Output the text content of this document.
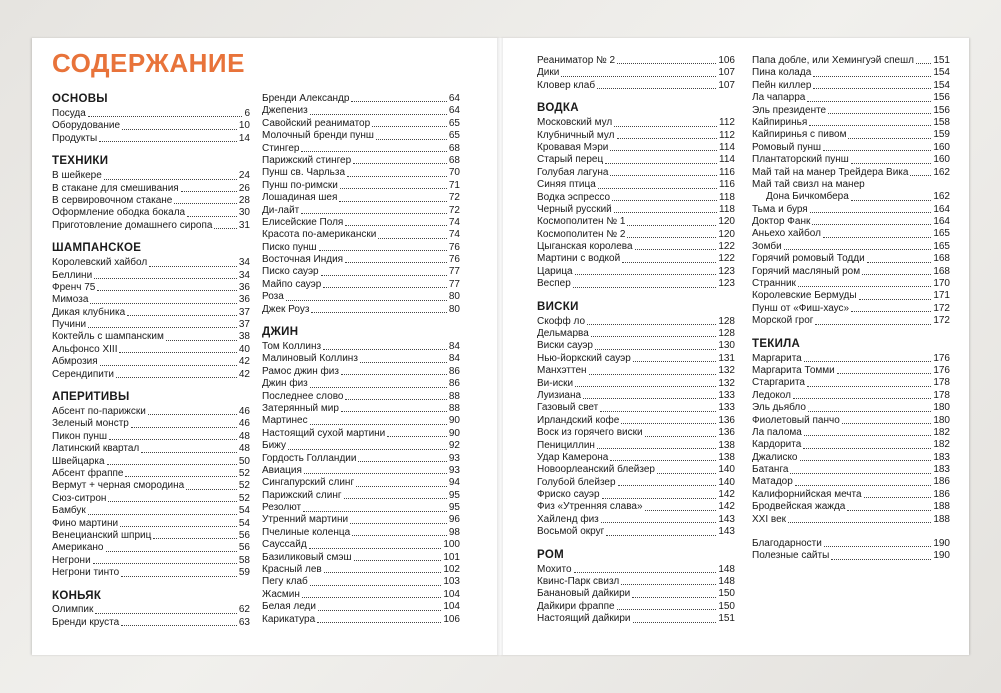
СОДЕРЖАНИЕ
ОСНОВЫ
Посуда	6
Оборудование	10
Продукты	14
ТЕХНИКИ
В шейкере	24
В стакане для смешивания	26
В сервировочном стакане	28
Оформление ободка бокала	30
Приготовление домашнего сиропа	31
ШАМПАНСКОЕ
Королевский хайбол	34
Беллини	34
Френч 75	36
Мимоза	36
Дикая клубника	37
Пучини	37
Коктейль с шампанским	38
Альфонсо XIII	40
Абмрозия	42
Серендипити	42
АПЕРИТИВЫ
Абсент по-парижски	46
Зеленый монстр	46
Пикон пунш	48
Латинский квартал	48
Швейцарка	50
Абсент фраппе	52
Вермут + черная смородина	52
Сюз-ситрон	52
Бамбук	54
Фино мартини	54
Венецианский шприц	56
Американо	56
Негрони	58
Негрони тинто	59
КОНЬЯК
Олимпик	62
Бренди круста	63
Бренди Александр	64
Джепениз	64
Савойский реаниматор	65
Молочный бренди пунш	65
Стингер	68
Парижский стингер	68
Пунш св. Чарльза	70
Пунш по-римски	71
Лошадиная шея	72
Ди-лайт	72
Елисейские Поля	74
Красота по-американски	74
Писко пунш	76
Восточная Индия	76
Писко сауэр	77
Майпо сауэр	77
Роза	80
Джек Роуз	80
ДЖИН
Том Коллинз	84
Малиновый Коллинз	84
Рамос джин физ	86
Джин физ	86
Последнее слово	88
Затерянный мир	88
Мартинес	90
Настоящий сухой мартини	90
Бижу	92
Гордость Голландии	93
Авиация	93
Сингапурский слинг	94
Парижский слинг	95
Резолют	95
Утренний мартини	96
Пчелиные коленца	98
Сауссайд	100
Базиликовый смэш	101
Красный лев	102
Пегу клаб	103
Жасмин	104
Белая леди	104
Карикатура	106
Реаниматор № 2	106
Дики	107
Кловер клаб	107
ВОДКА
Московский мул	112
Клубничный мул	112
Кровавая Мэри	114
Старый перец	114
Голубая лагуна	116
Синяя птица	116
Водка эспрессо	118
Черный русский	118
Космополитен № 1	120
Космополитен № 2	120
Цыганская королева	122
Мартини с водкой	122
Царица	123
Веспер	123
ВИСКИ
Скофф ло	128
Дельмарва	128
Виски сауэр	130
Нью-йоркский сауэр	131
Манхэттен	132
Ви-иски	132
Луизиана	133
Газовый свет	133
Ирландский кофе	136
Воск из горячего виски	136
Пенициллин	138
Удар Камерона	138
Новоорлеанский блейзер	140
Голубой блейзер	140
Фриско сауэр	142
Физ «Утренняя слава»	142
Хайленд физ	143
Восьмой округ	143
РОМ
Мохито	148
Квинс-Парк свизл	148
Банановый дайкири	150
Дайкири фраппе	150
Настоящий дайкири	151
Папа добле, или Хемингуэй спешл 151
Пина колада	154
Пейн киллер	154
Ла чапарра	156
Эль президенте	156
Кайпиринья	158
Кайпиринья с пивом	159
Ромовый пунш	160
Плантаторский пунш	160
Май тай на манер Трейдера Вика 162
Май тай свизл на манер
Дона Бичкомбера	162
Тьма и буря	164
Доктор Фанк	164
Аньехо хайбол	165
Зомби	165
Горячий ромовый Тодди	168
Горячий масляный ром	168
Странник	170
Королевские Бермуды	171
Пунш от «Фиш-хаус»	172
Морской грог	172
ТЕКИЛА
Маргарита	176
Маргарита Томми	176
Старгарита	178
Ледокол	178
Эль дьябло	180
Фиолетовый панчо	180
Ла палома	182
Кардорита	182
Джалиско	183
Батанга	183
Матадор	186
Калифорнийская мечта	186
Бродвейская жажда	188
XXI век	188
Благодарности	190
Полезные сайты	190
